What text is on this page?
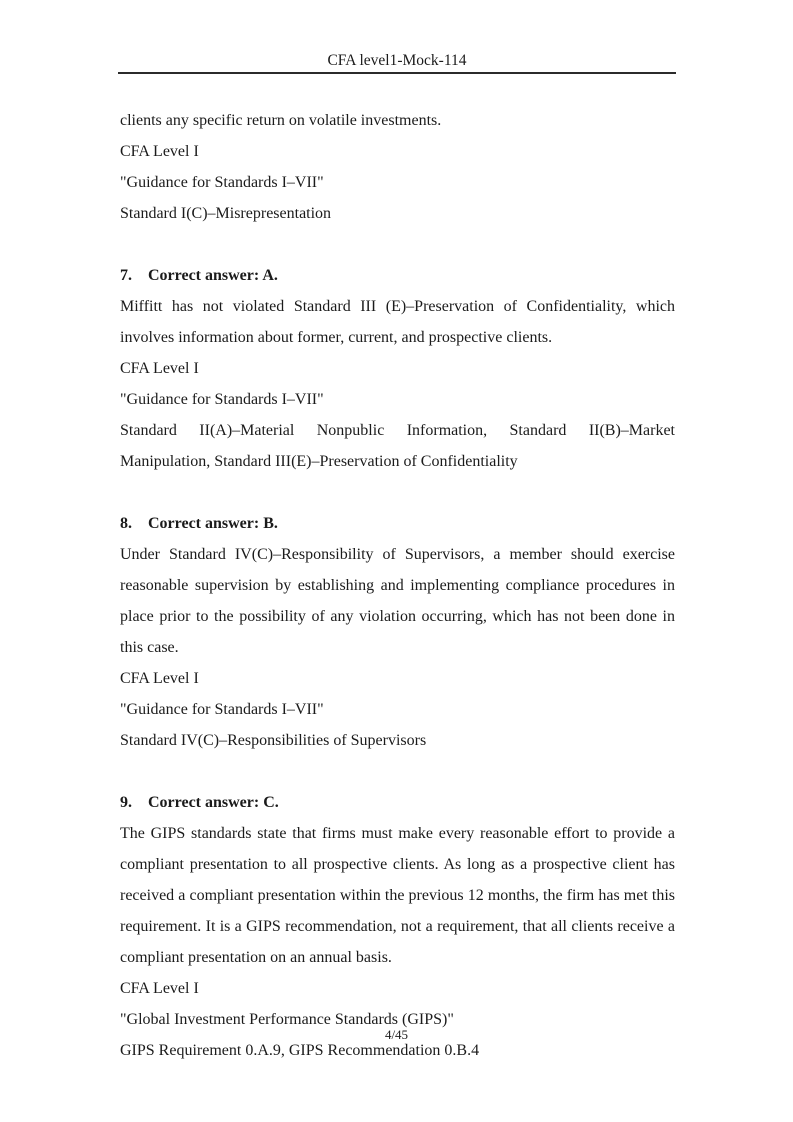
CFA level1-Mock-114

clients any specific return on volatile investments.

CFA Level I

"Guidance for Standards I–VII"

Standard I(C)–Misrepresentation

7. Correct answer: A.

Miffitt has not violated Standard III (E)–Preservation of Confidentiality, which involves information about former, current, and prospective clients.

CFA Level I

"Guidance for Standards I–VII"

Standard II(A)–Material Nonpublic Information, Standard II(B)–Market Manipulation, Standard III(E)–Preservation of Confidentiality

8. Correct answer: B.

Under Standard IV(C)–Responsibility of Supervisors, a member should exercise reasonable supervision by establishing and implementing compliance procedures in place prior to the possibility of any violation occurring, which has not been done in this case.

CFA Level I

"Guidance for Standards I–VII"

Standard IV(C)–Responsibilities of Supervisors

9. Correct answer: C.

The GIPS standards state that firms must make every reasonable effort to provide a compliant presentation to all prospective clients. As long as a prospective client has received a compliant presentation within the previous 12 months, the firm has met this requirement. It is a GIPS recommendation, not a requirement, that all clients receive a compliant presentation on an annual basis.

CFA Level I

"Global Investment Performance Standards (GIPS)"

GIPS Requirement 0.A.9, GIPS Recommendation 0.B.4

4/45
